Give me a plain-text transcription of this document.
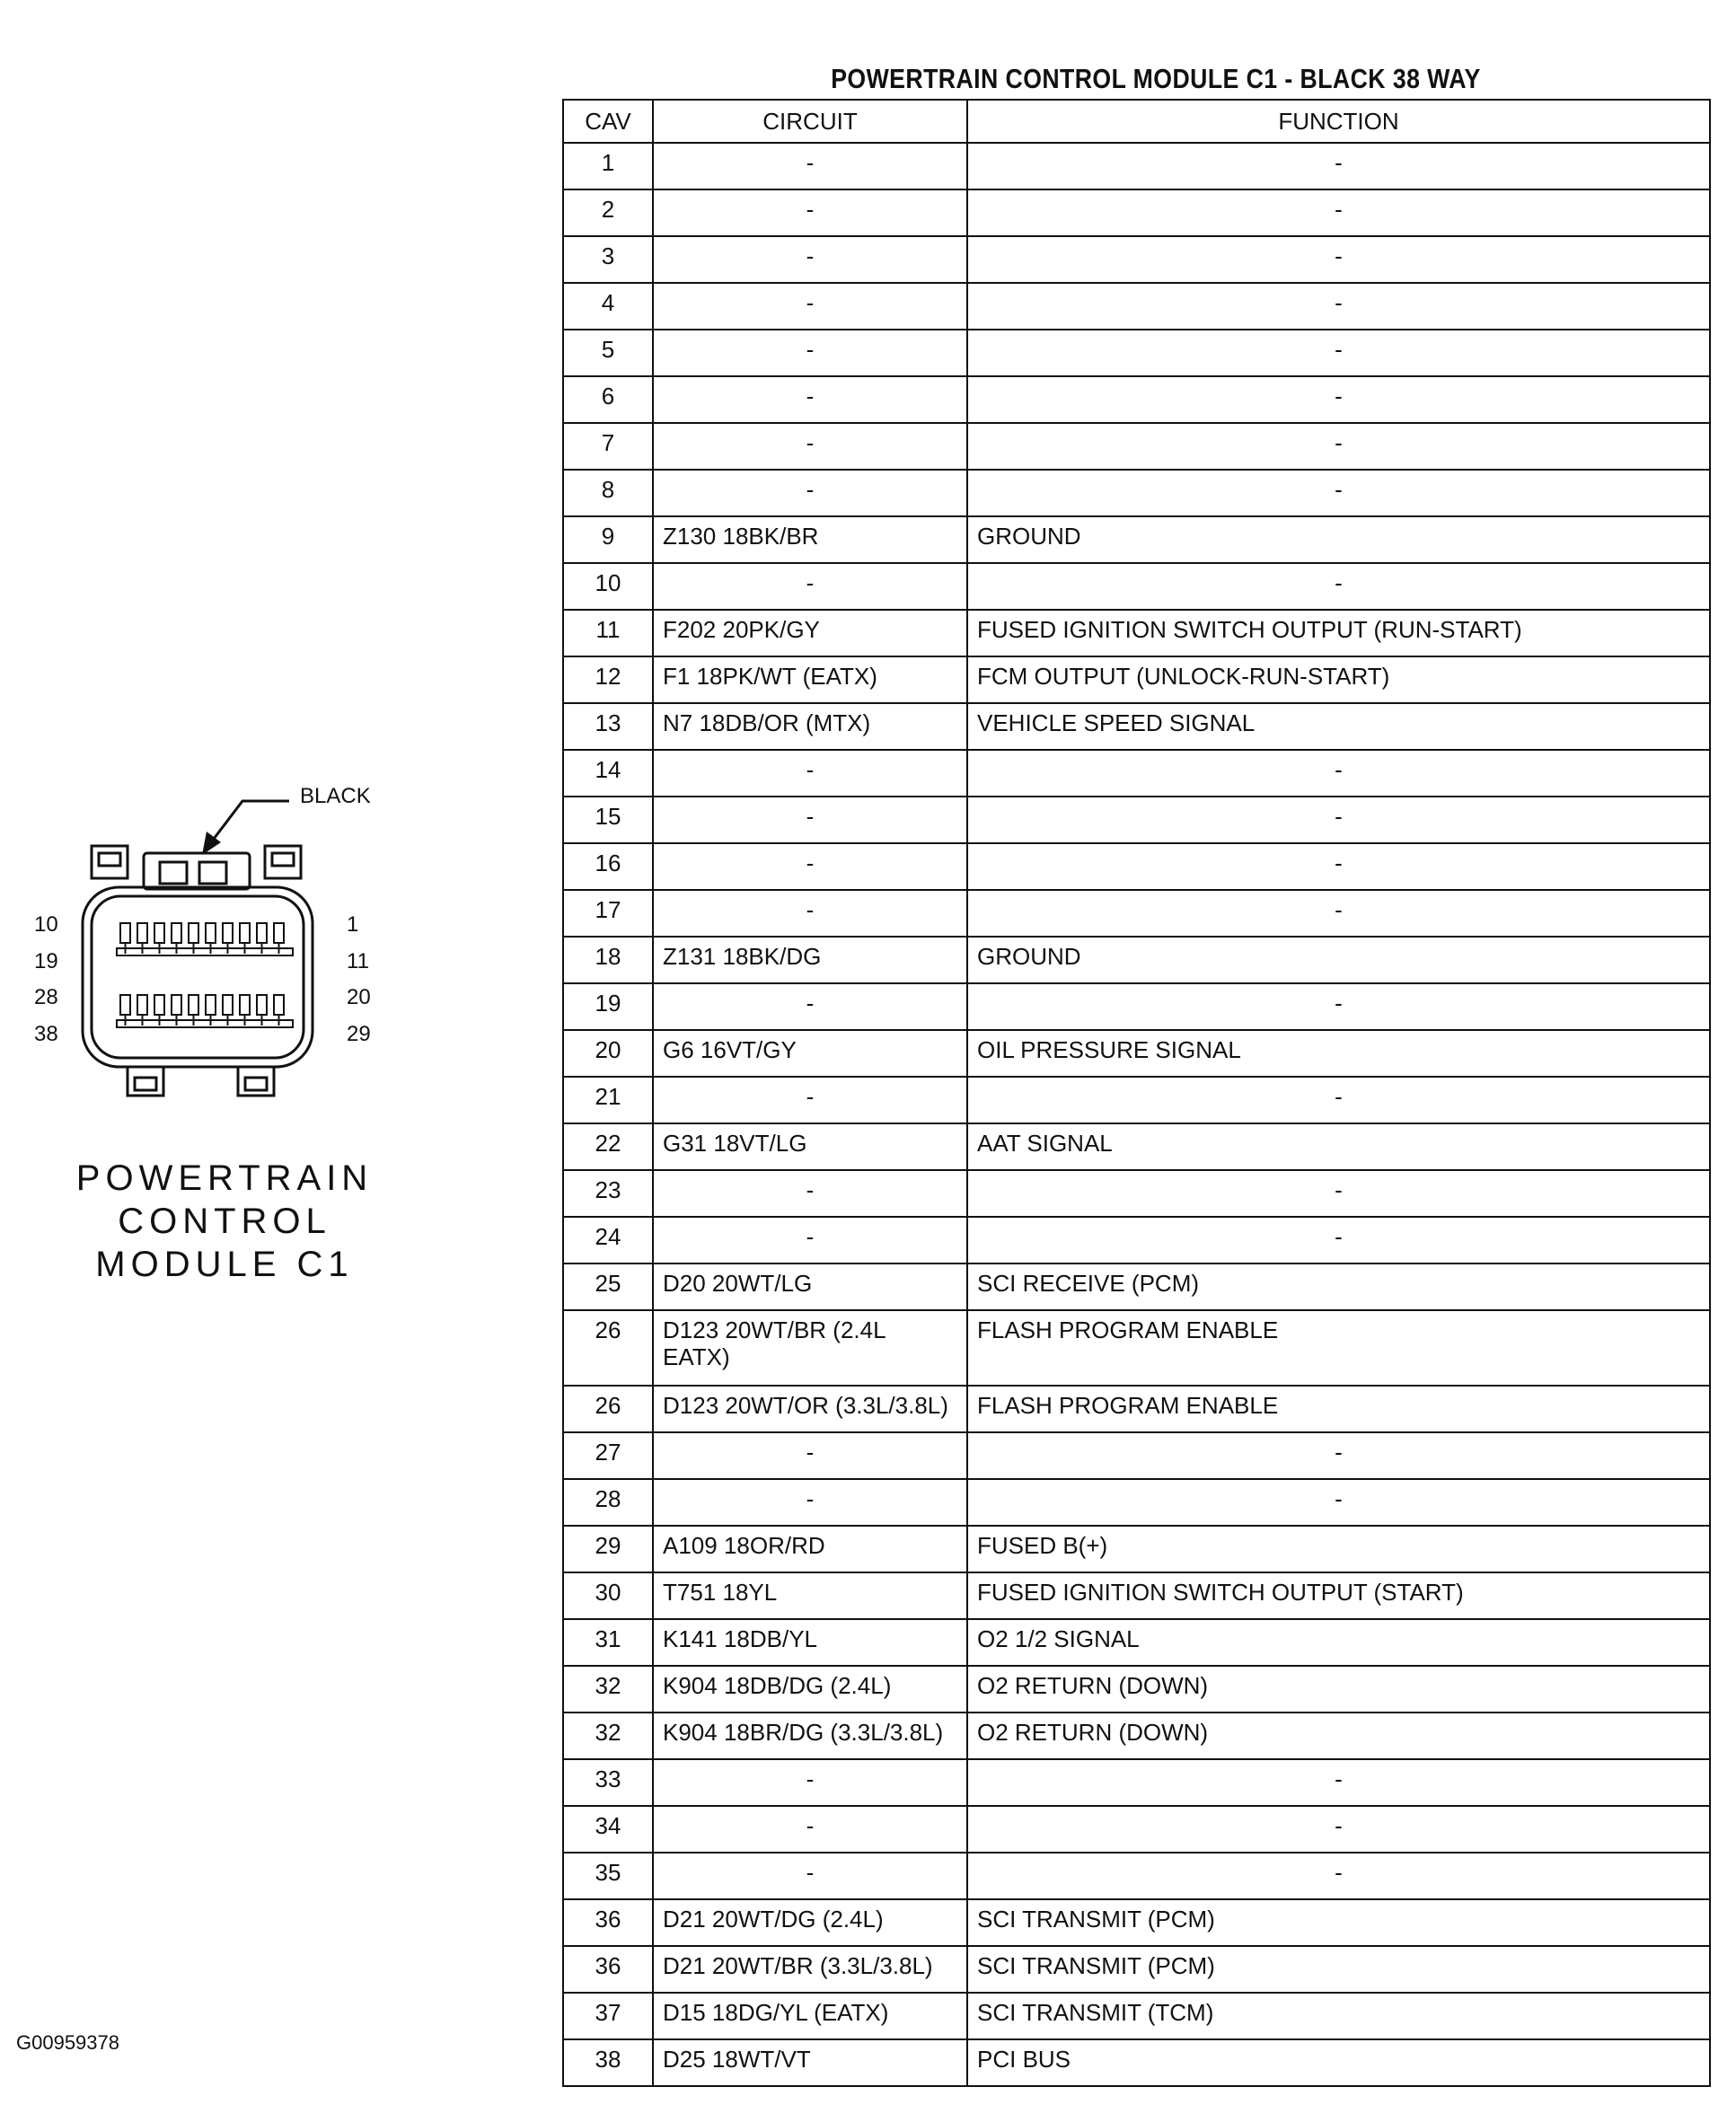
POWERTRAIN CONTROL MODULE C1 - BLACK 38 WAY
CAV	CIRCUIT	FUNCTION
1	-	-
2	-	-
3	-	-
4	-	-
5	-	-
6	-	-
7	-	-
8	-	-
9	Z130 18BK/BR	GROUND
10	-	-
11	F202 20PK/GY	FUSED IGNITION SWITCH OUTPUT (RUN-START)
12	F1 18PK/WT (EATX)	FCM OUTPUT (UNLOCK-RUN-START)
13	N7 18DB/OR (MTX)	VEHICLE SPEED SIGNAL
14	-	-
15	-	-
16	-	-
17	-	-
18	Z131 18BK/DG	GROUND
19	-	-
20	G6 16VT/GY	OIL PRESSURE SIGNAL
21	-	-
22	G31 18VT/LG	AAT SIGNAL
23	-	-
24	-	-
25	D20 20WT/LG	SCI RECEIVE (PCM)
26	D123 20WT/BR (2.4L EATX)	FLASH PROGRAM ENABLE
26	D123 20WT/OR (3.3L/3.8L)	FLASH PROGRAM ENABLE
27	-	-
28	-	-
29	A109 18OR/RD	FUSED B(+)
30	T751 18YL	FUSED IGNITION SWITCH OUTPUT (START)
31	K141 18DB/YL	O2 1/2 SIGNAL
32	K904 18DB/DG (2.4L)	O2 RETURN (DOWN)
32	K904 18BR/DG (3.3L/3.8L)	O2 RETURN (DOWN)
33	-	-
34	-	-
35	-	-
36	D21 20WT/DG (2.4L)	SCI TRANSMIT (PCM)
36	D21 20WT/BR (3.3L/3.8L)	SCI TRANSMIT (PCM)
37	D15 18DG/YL (EATX)	SCI TRANSMIT (TCM)
38	D25 18WT/VT	PCI BUS
BLACK
10
19
28
38
1
11
20
29
POWERTRAIN
CONTROL
MODULE C1
G00959378
